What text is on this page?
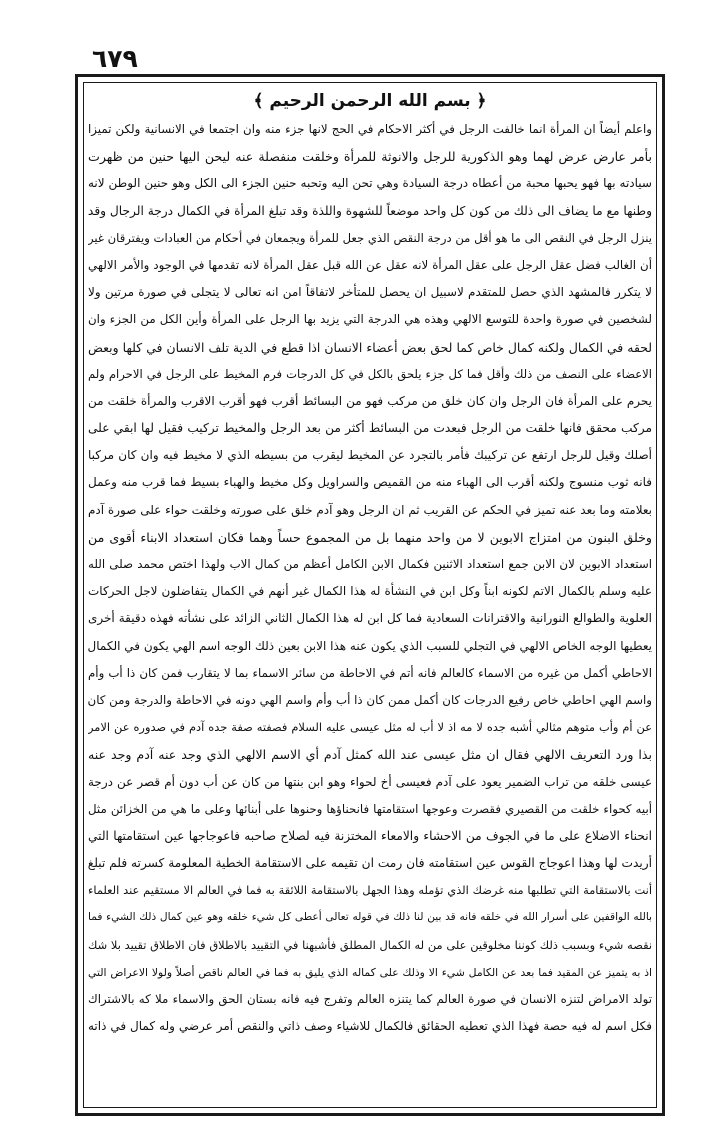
٦٧٩
﴿ بسم الله الرحمن الرحيم ﴾
واعلم أيضاً ان المرأة انما خالفت الرجل في أكثر الاحكام في الحج لانها جزء منه وان اجتمعا في الانسانية ولكن تميزا
بأمر عارض عرض لهما وهو الذكورية للرجل والانوثة للمرأة وخلقت منفصلة عنه ليحن اليها حنين من ظهرت
سيادته بها فهو يحبها محبة من أعطاه درجة السيادة وهي تحن اليه وتحبه حنين الجزء الى الكل وهو حنين الوطن لانه
وطنها مع ما يضاف الى ذلك من كون كل واحد موضعاً للشهوة واللذة وقد تبلغ المرأة في الكمال درجة الرجال وقد
ينزل الرجل في النقص الى ما هو أقل من درجة النقص الذي جعل للمرأة ويجمعان في أحكام من العبادات ويفترقان غير
أن الغالب فضل عقل الرجل على عقل المرأة لانه عقل عن الله قبل عقل المرأة لانه تقدمها في الوجود والأمر الالهي
لا يتكرر فالمشهد الذي حصل للمتقدم لاسبيل ان يحصل للمتأخر لاتفاقاً امن انه تعالى لا يتجلى في صورة مرتين ولا
لشخصين في صورة واحدة للتوسع الالهي وهذه هي الدرجة التي يزيد بها الرجل على المرأة وأين الكل من الجزء وان
لحقه في الكمال ولكنه كمال خاص كما لحق بعض أعضاء الانسان اذا قطع في الدية تلف الانسان في كلها وبعض
الاعضاء على النصف من ذلك وأقل فما كل جزء يلحق بالكل في كل الدرجات فرم المخيط على الرجل في الاحرام ولم
يحرم على المرأة فان الرجل وان كان خلق من مركب فهو من البسائط أقرب فهو أقرب الاقرب والمرأة خلقت من
مركب محقق فانها خلقت من الرجل فبعدت من البسائط أكثر من بعد الرجل والمخيط تركيب فقيل لها ابقي على
أصلك وقيل للرجل ارتفع عن تركيبك فأمر بالتجرد عن المخيط ليقرب من بسيطه الذي لا مخيط فيه وان كان مركبا
فانه ثوب منسوج ولكنه أقرب الى الهباء منه من القميص والسراويل وكل مخيط والهباء بسيط فما قرب منه وعمل
بعلامته وما بعد عنه تميز في الحكم عن القريب ثم ان الرجل وهو آدم خلق على صورته وخلقت حواء على صورة آدم
وخلق البنون من امتزاج الابوين لا من واحد منهما بل من المجموع حساً وهما فكان استعداد الابناء أقوى من
استعداد الابوين لان الابن جمع استعداد الاثنين فكمال الابن الكامل أعظم من كمال الاب ولهذا اختص محمد صلى الله
عليه وسلم بالكمال الاتم لكونه ابناً وكل ابن في النشأة له هذا الكمال غير أنهم في الكمال يتفاضلون لاجل الحركات
العلوية والطوالع النورانية والاقترانات السعادية فما كل ابن له هذا الكمال الثاني الزائد على نشأته فهذه دقيقة أخرى
يعطيها الوجه الخاص الالهي في التجلي للسبب الذي يكون عنه هذا الابن بعين ذلك الوجه اسم الهي يكون في الكمال
الاحاطي أكمل من غيره من الاسماء كالعالم فانه أتم في الاحاطة من سائر الاسماء بما لا يتقارب فمن كان ذا أب وأم
واسم الهي احاطي خاص رفيع الدرجات كان أكمل ممن كان ذا أب وأم واسم الهي دونه في الاحاطة والدرجة ومن كان
عن أم وأب متوهم مثالي أشبه جده لا مه اذ لا أب له مثل عيسى عليه السلام فصفته صفة جده آدم في صدوره عن الامر
بذا ورد التعريف الالهي فقال ان مثل عيسى عند الله كمثل آدم أي الاسم الالهي الذي وجد عنه آدم وجد عنه
عيسى خلقه من تراب الضمير يعود على آدم فعيسى أخ لحواء وهو ابن بنتها من كان عن أب دون أم قصر عن درجة
أبيه كحواء خلقت من القصيري فقصرت وعوجها استقامتها فانحناؤها وحنوها على أبنائها وعلى ما هي من الخزائن مثل
انحناء الاضلاع على ما في الجوف من الاحشاء والامعاء المختزنة فيه لصلاح صاحبه فاعوجاجها عين استقامتها التي
أريدت لها وهذا اعوجاج القوس عين استقامته فان رمت ان تقيمه على الاستقامة الخطية المعلومة كسرته فلم تبلغ
أنت بالاستقامة التي تطلبها منه غرضك الذي تؤمله وهذا الجهل بالاستقامة اللائقة به فما في العالم الا مستقيم عند العلماء
بالله الواقفين على أسرار الله في خلقه فانه قد بين لنا ذلك في قوله تعالى أعطى كل شيء خلقه وهو عين كمال ذلك الشيء فما
نقصه شيء وبسبب ذلك كوننا مخلوقين على من له الكمال المطلق فأشبهنا في التقييد بالاطلاق فان الاطلاق تقييد بلا شك
اذ به يتميز عن المقيد فما بعد عن الكامل شيء الا وذلك على كماله الذي يليق به فما في العالم ناقص أصلاً ولولا الاعراض التي
تولد الامراض لتنزه الانسان في صورة العالم كما يتنزه العالم وتفرج فيه فانه بستان الحق والاسماء ملا كه بالاشتراك
فكل اسم له فيه حصة فهذا الذي تعطيه الحقائق فالكمال للاشياء وصف ذاتي والنقص أمر عرضي وله كمال في ذاته
